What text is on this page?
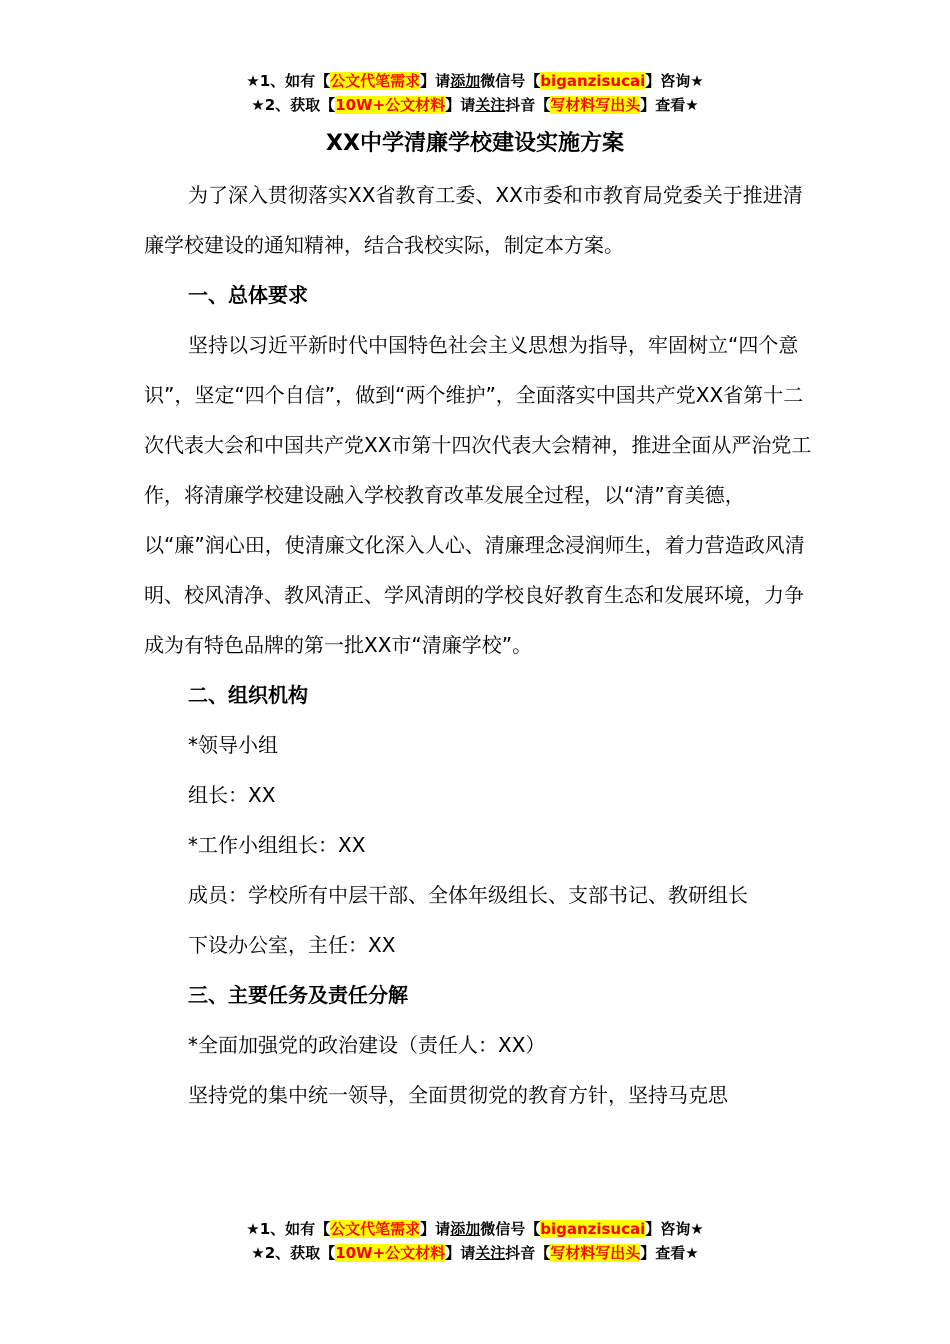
★1、如有【公文代笔需求】请添加微信号【biganzisucai】咨询★
★2、获取【10W+公文材料】请关注抖音【写材料写出头】查看★
XX中学清廉学校建设实施方案

为了深入贯彻落实XX省教育工委、XX市委和市教育局党委关于推进清廉学校建设的通知精神，结合我校实际，制定本方案。

一、总体要求

坚持以习近平新时代中国特色社会主义思想为指导，牢固树立“四个意识”，坚定“四个自信”，做到“两个维护”，全面落实中国共产党XX省第十二次代表大会和中国共产党XX市第十四次代表大会精神，推进全面从严治党工作，将清廉学校建设融入学校教育改革发展全过程，以“清”育美德，以“廉”润心田，使清廉文化深入人心、清廉理念浸润师生，着力营造政风清明、校风清净、教风清正、学风清朗的学校良好教育生态和发展环境，力争成为有特色品牌的第一批XX市“清廉学校”。

二、组织机构

*领导小组

组长：XX

*工作小组组长：XX

成员：学校所有中层干部、全体年级组长、支部书记、教研组长

下设办公室，主任：XX

三、主要任务及责任分解

*全面加强党的政治建设（责任人：XX）

坚持党的集中统一领导，全面贯彻党的教育方针，坚持马克思

★1、如有【公文代笔需求】请添加微信号【biganzisucai】咨询★
★2、获取【10W+公文材料】请关注抖音【写材料写出头】查看★
